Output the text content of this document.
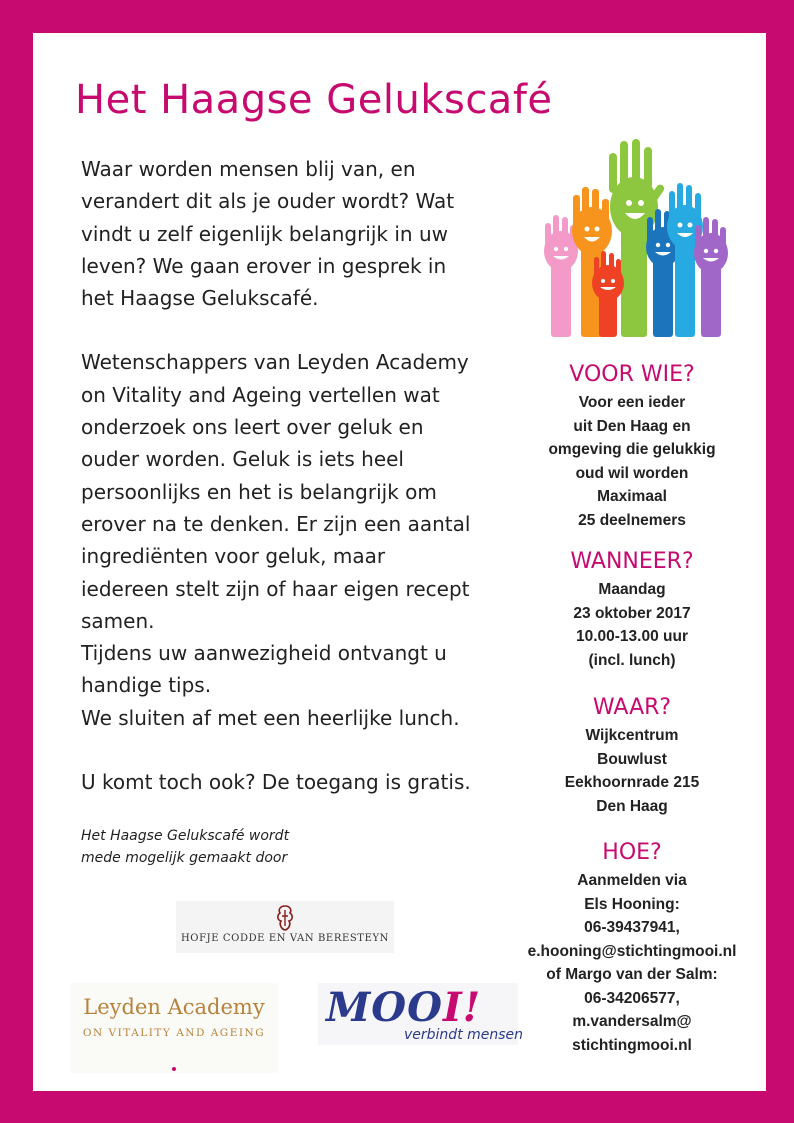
Het Haagse Gelukscafé

Waar worden mensen blij van, en

verandert dit als je ouder wordt? Wat

vindt u zelf eigenlijk belangrijk in uw

leven? We gaan erover in gesprek in

het Haagse Gelukscafé.

Wetenschappers van Leyden Academy

on Vitality and Ageing vertellen wat

onderzoek ons leert over geluk en

ouder worden. Geluk is iets heel

persoonlijks en het is belangrijk om

erover na te denken. Er zijn een aantal

ingrediënten voor geluk, maar

iedereen stelt zijn of haar eigen recept

samen.

Tijdens uw aanwezigheid ontvangt u

handige tips.

We sluiten af met een heerlijke lunch.

U komt toch ook? De toegang is gratis.

Het Haagse Gelukscafé wordt

mede mogelijk gemaakt door

HOFJE CODDE EN VAN BERESTEYN
Leyden Academy
ON VITALITY AND AGEING
MOOI!
verbindt mensen
VOOR WIE?
Voor een ieder
uit Den Haag en
omgeving die gelukkig
oud wil worden
Maximaal
25 deelnemers
WANNEER?
Maandag
23 oktober 2017
10.00-13.00 uur
(incl. lunch)
WAAR?
Wijkcentrum
Bouwlust
Eekhoornrade 215
Den Haag
HOE?
Aanmelden via
Els Hooning:
06-39437941,
e.hooning@stichtingmooi.nl
of Margo van der Salm:
06-34206577,
m.vandersalm@
stichtingmooi.nl
